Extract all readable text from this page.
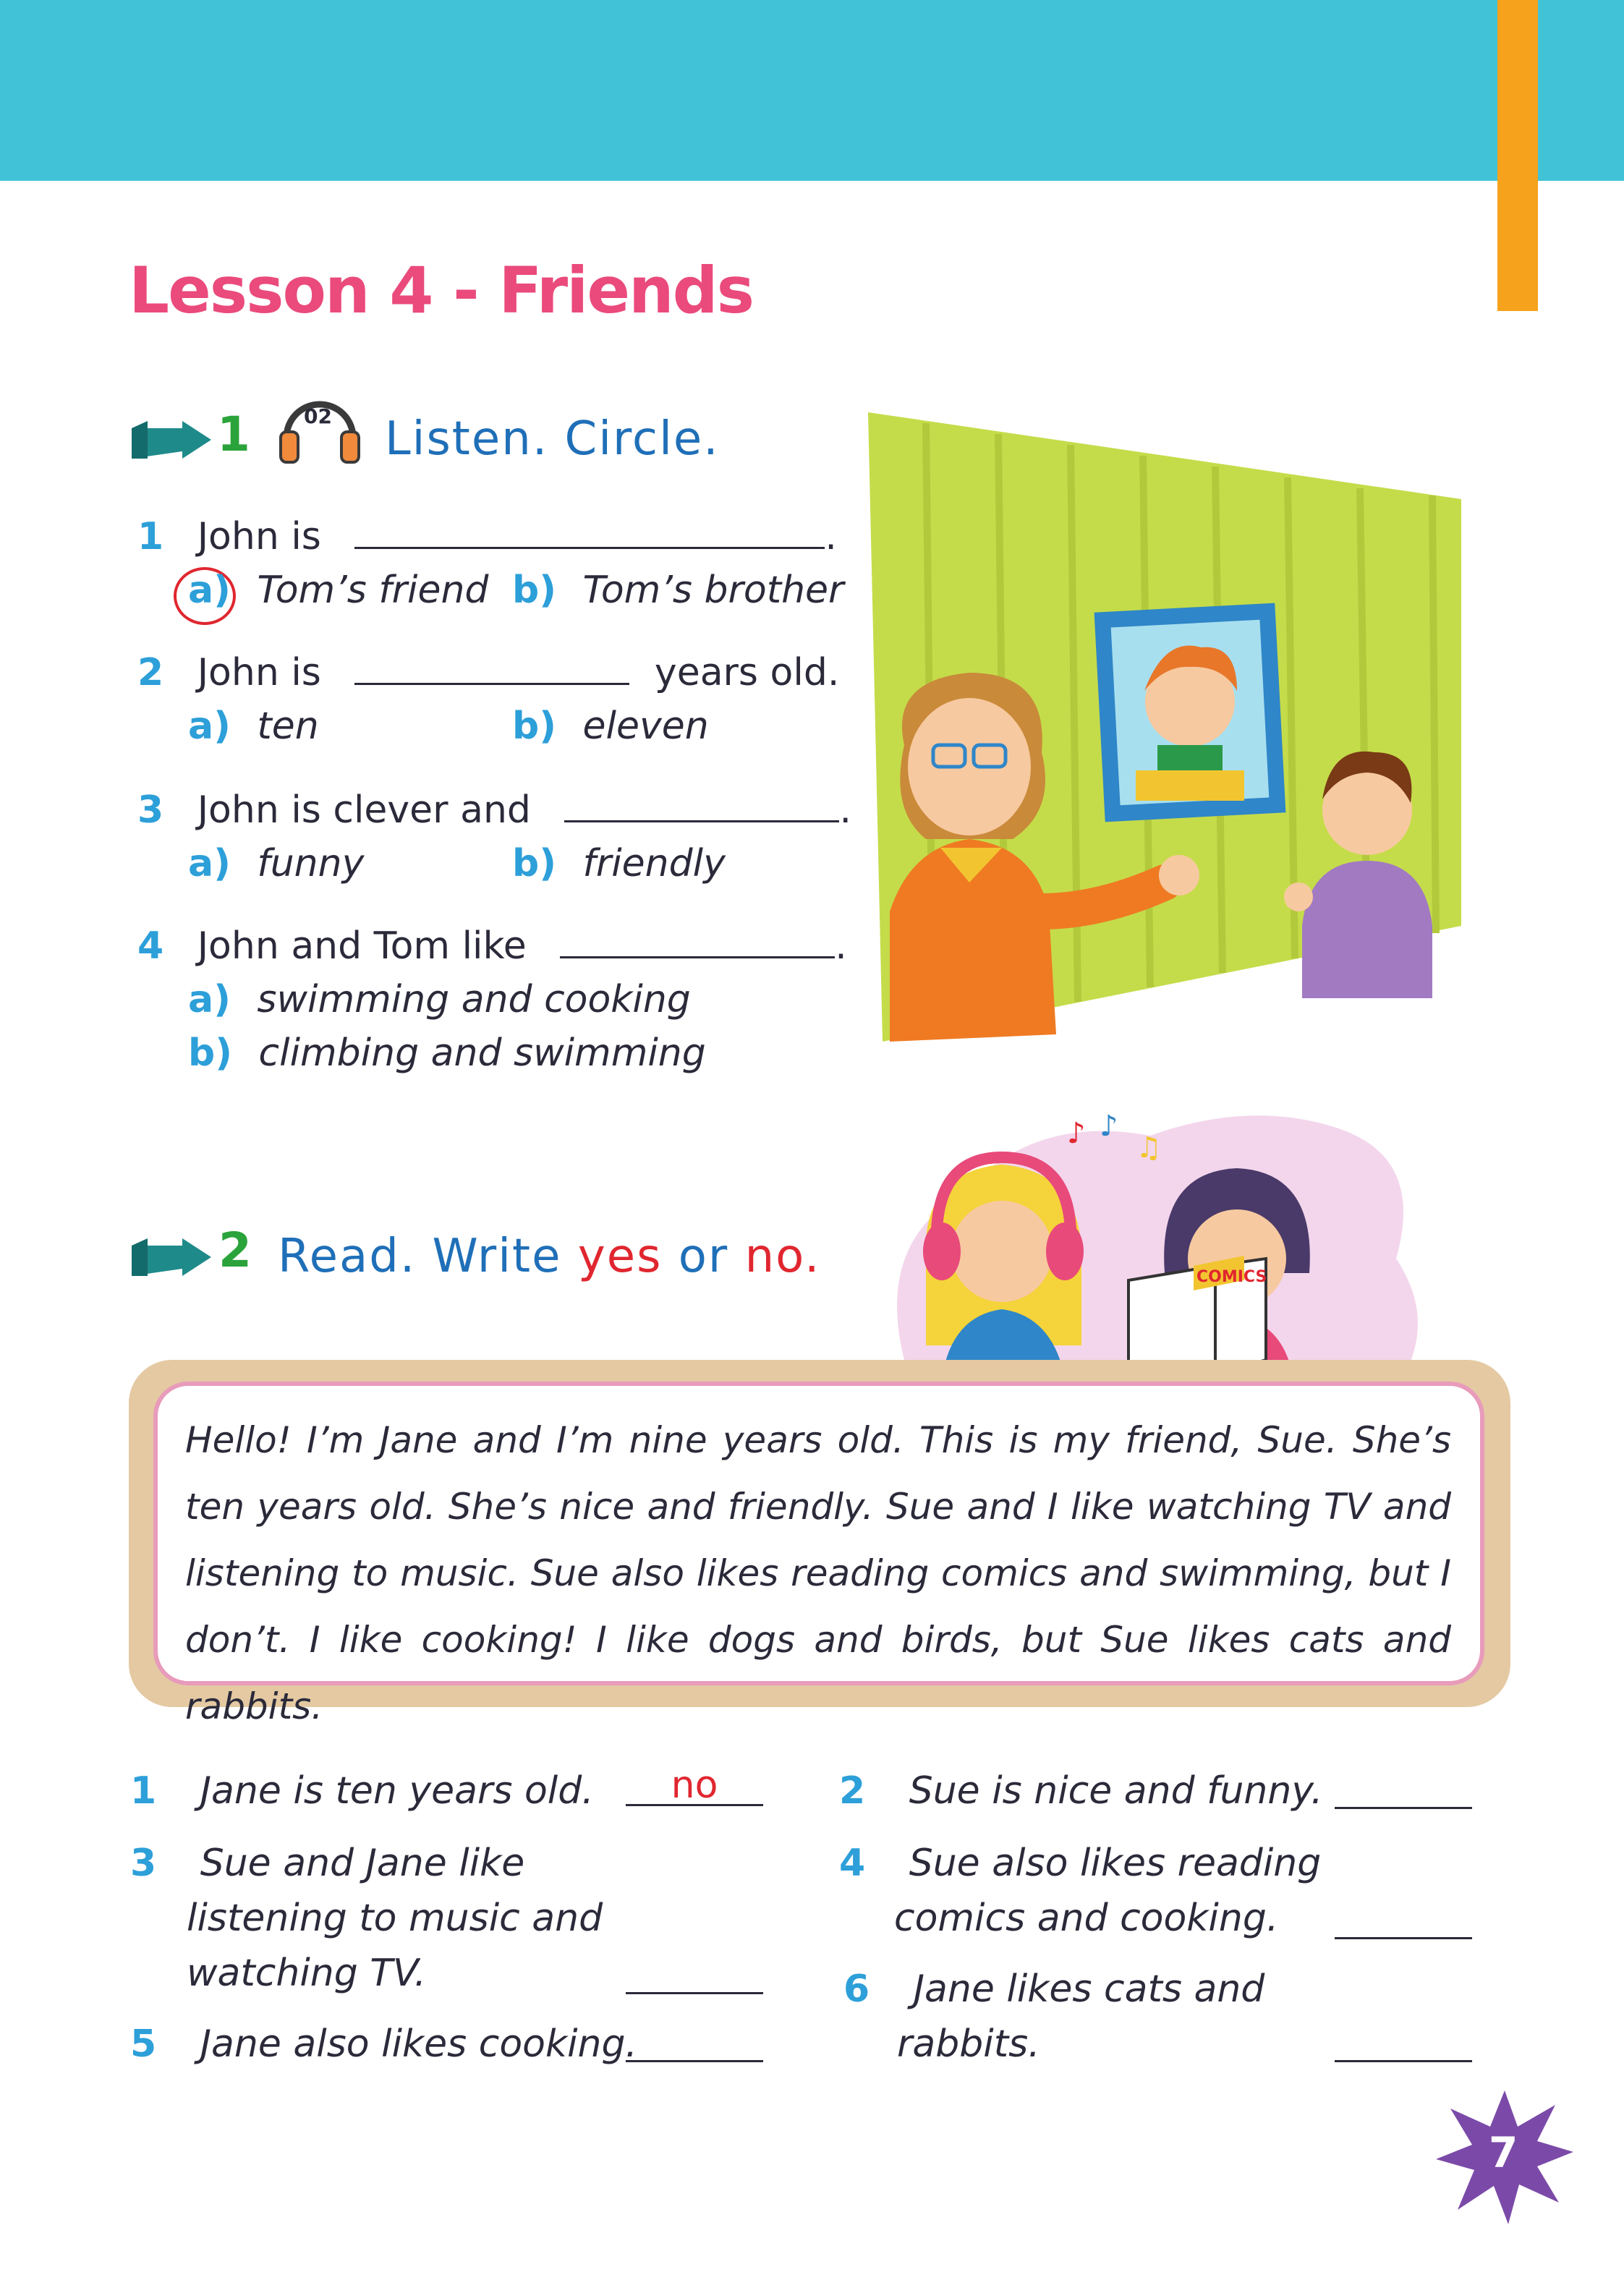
Lesson 4 - Friends
1	02 Listen. Circle.
1 John is	.
a) Tom’s friend b) Tom’s brother
2 John is	years old.
a) ten	b) eleven
3 John is clever and	.
a) funny	b) friendly
4 John and Tom like	.
a) swimming and cooking
b) climbing and swimming
♪ ♪
♫
COMICS
2 Read. Write yes or no.
Hello! I’m Jane and I’m nine years old. This is my friend, Sue. She’s ten years old. She’s nice and friendly. Sue and I like watching TV and listening to music. Sue also likes reading comics and swimming, but I don’t. I like cooking! I like dogs and birds, but Sue likes cats and rabbits.
1 Jane is ten years old.	no	2 Sue is nice and funny.
3 Sue and Jane like
listening to music and
watching TV.
4 Sue also likes reading
comics and cooking.
5 Jane also likes cooking.
6 Jane likes cats and
rabbits.
7
